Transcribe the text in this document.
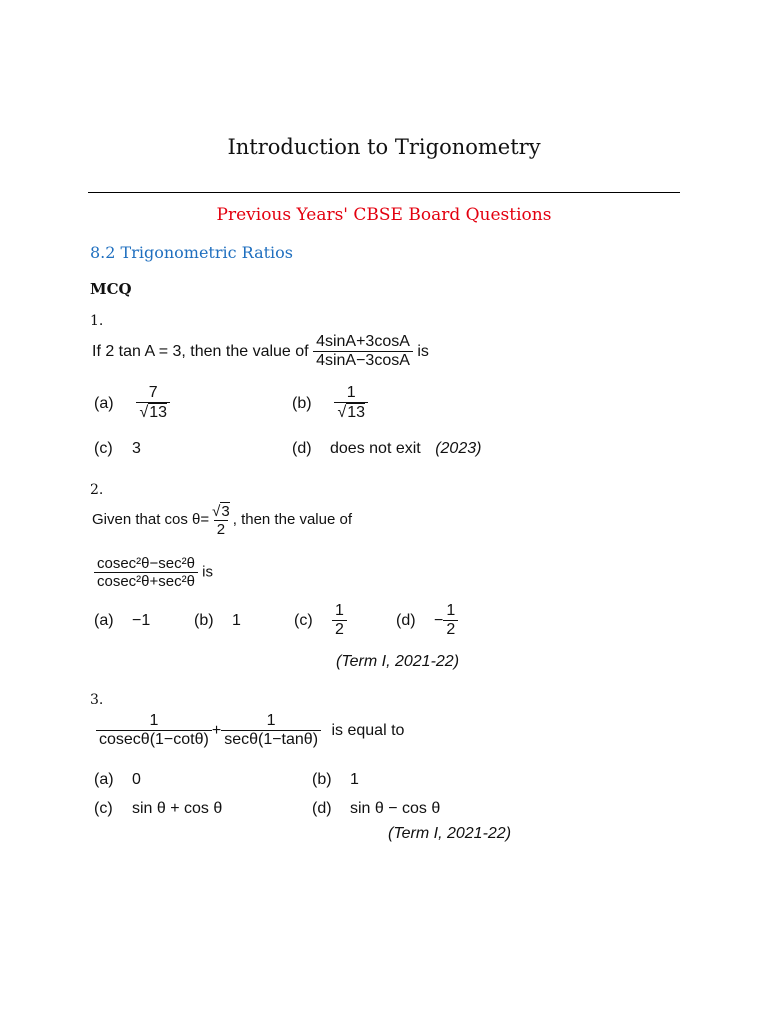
Introduction to Trigonometry
Previous Years' CBSE Board Questions
8.2 Trigonometric Ratios
MCQ
1.
If 2 tan A = 3, then the value of $\frac{4\sin A+3\cos A}{4\sin A-3\cos A}$ is
$(a) \frac{7}{√13}$	$(b) \frac{1}{√13}$
(c) 3	(d) does not exit (2023)
2.
Given that $\cos \theta= \frac{√3}{2}$ , then the value of
$\frac{\text{cosec²θ−sec²θ}}{\text{cosec²θ+sec²θ}}$ is
(a) −1	(b) 1	$(c) \frac{1}{2}$	$(d) - \frac{1}{2}$
(Term I, 2021-22)
3.
$\frac{1}{cosec\theta(1-\cot\theta)} + \frac{1}{\sec\theta(1-\tan\theta)}$ is equal to
(a) 0	(b) 1
(c) sin θ + cos θ	(d) sin θ − cos θ
(Term I, 2021-22)
